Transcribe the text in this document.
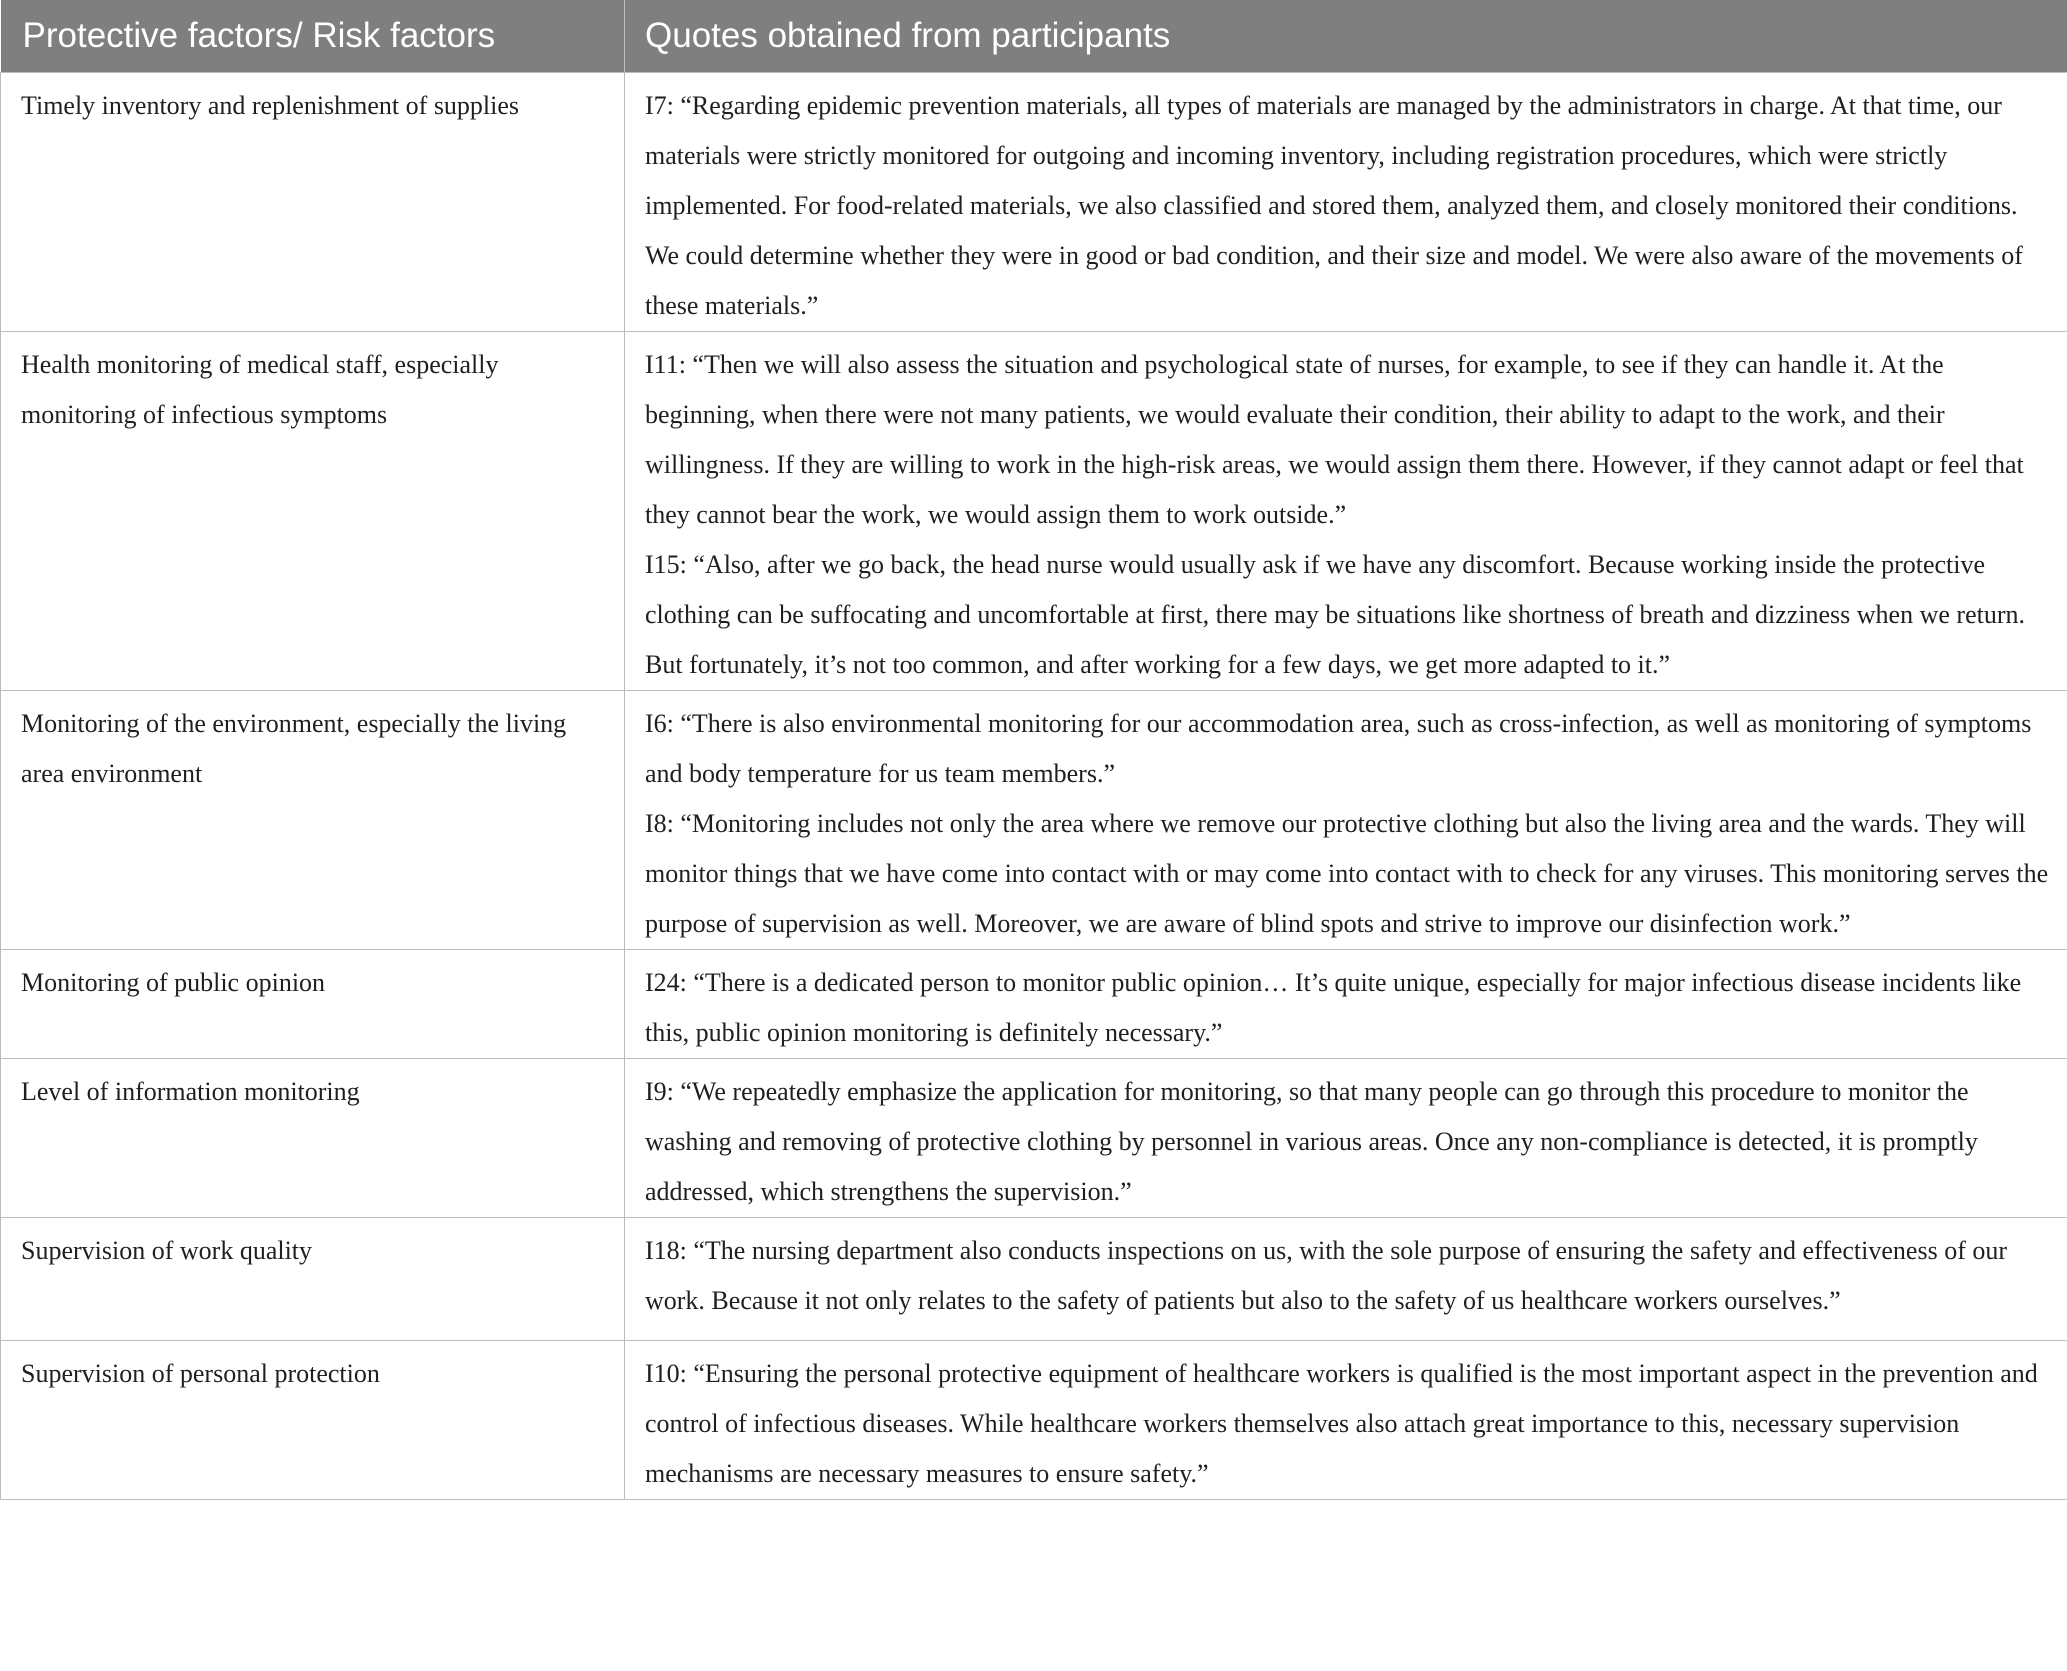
Protective factors/ Risk factors	Quotes obtained from participants
Timely inventory and replenishment of supplies	I7: “Regarding epidemic prevention materials, all types of materials are managed by the administrators in charge. At that time, our materials were strictly monitored for outgoing and incoming inventory, including registration procedures, which were strictly implemented. For food-related materials, we also classified and stored them, analyzed them, and closely monitored their conditions. We could determine whether they were in good or bad condition, and their size and model. We were also aware of the movements of these materials.”

Health monitoring of medical staff, especially monitoring of infectious symptoms	I11: “Then we will also assess the situation and psychological state of nurses, for example, to see if they can handle it. At the beginning, when there were not many patients, we would evaluate their condition, their ability to adapt to the work, and their willingness. If they are willing to work in the high-risk areas, we would assign them there. However, if they cannot adapt or feel that they cannot bear the work, we would assign them to work outside.”
I15: “Also, after we go back, the head nurse would usually ask if we have any discomfort. Because working inside the protective clothing can be suffocating and uncomfortable at first, there may be situations like shortness of breath and dizziness when we return. But fortunately, it’s not too common, and after working for a few days, we get more adapted to it.”

Monitoring of the environment, especially the living area environment	I6: “There is also environmental monitoring for our accommodation area, such as cross-infection, as well as monitoring of symptoms and body temperature for us team members.”
I8: “Monitoring includes not only the area where we remove our protective clothing but also the living area and the wards. They will monitor things that we have come into contact with or may come into contact with to check for any viruses. This monitoring serves the purpose of supervision as well. Moreover, we are aware of blind spots and strive to improve our disinfection work.”

Monitoring of public opinion	I24: “There is a dedicated person to monitor public opinion… It’s quite unique, especially for major infectious disease incidents like this, public opinion monitoring is definitely necessary.”

Level of information monitoring	I9: “We repeatedly emphasize the application for monitoring, so that many people can go through this procedure to monitor the washing and removing of protective clothing by personnel in various areas. Once any non-compliance is detected, it is promptly addressed, which strengthens the supervision.”

Supervision of work quality	I18: “The nursing department also conducts inspections on us, with the sole purpose of ensuring the safety and effectiveness of our work. Because it not only relates to the safety of patients but also to the safety of us healthcare workers ourselves.”

Supervision of personal protection	I10: “Ensuring the personal protective equipment of healthcare workers is qualified is the most important aspect in the prevention and control of infectious diseases. While healthcare workers themselves also attach great importance to this, necessary supervision mechanisms are necessary measures to ensure safety.”
